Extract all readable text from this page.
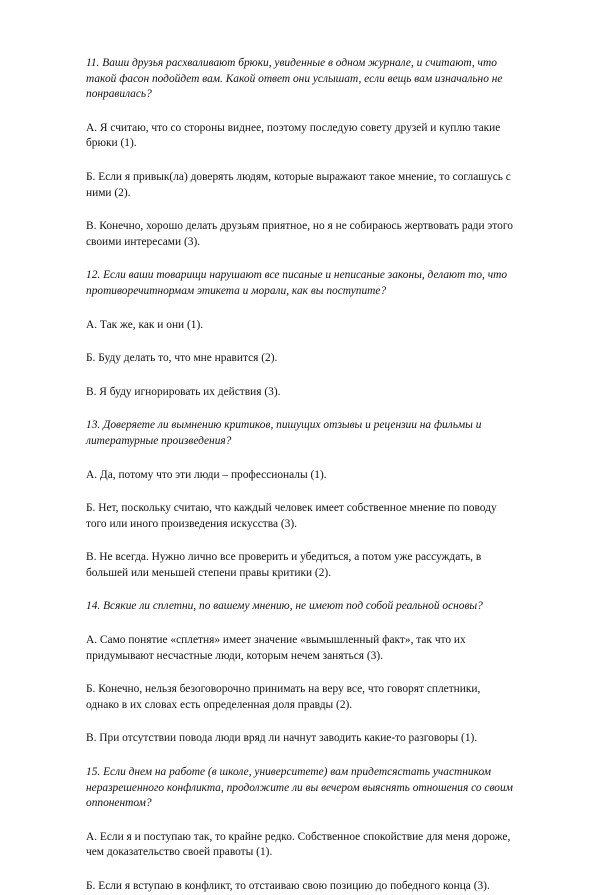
11. Ваши друзья расхваливают брюки, увиденные в одном журнале, и считают, что такой фасон подойдет вам. Какой ответ они услышат, если вещь вам изначально не понравилась?

А. Я считаю, что со стороны виднее, поэтому последую совету друзей и куплю такие брюки (1).

Б. Если я привык(ла) доверять людям, которые выражают такое мнение, то соглашусь с ними (2).

В. Конечно, хорошо делать друзьям приятное, но я не собираюсь жертвовать ради этого своими интересами (3).

12. Если ваши товарищи нарушают все писаные и неписаные законы, делают то, что противоречитнормам этикета и морали, как вы поступите?

А. Так же, как и они (1).

Б. Буду делать то, что мне нравится (2).

В. Я буду игнорировать их действия (3).

13. Доверяете ли вымнению критиков, пишущих отзывы и рецензии на фильмы и литературные произведения?

А. Да, потому что эти люди – профессионалы (1).

Б. Нет, поскольку считаю, что каждый человек имеет собственное мнение по поводу того или иного произведения искусства (3).

В. Не всегда. Нужно лично все проверить и убедиться, а потом уже рассуждать, в большей или меньшей степени правы критики (2).

14. Всякие ли сплетни, по вашему мнению, не имеют под собой реальной основы?

А. Само понятие «сплетня» имеет значение «вымышленный факт», так что их придумывают несчастные люди, которым нечем заняться (3).

Б. Конечно, нельзя безоговорочно принимать на веру все, что говорят сплетники, однако в их словах есть определенная доля правды (2).

В. При отсутствии повода люди вряд ли начнут заводить какие-то разговоры (1).

15. Если днем на работе (в школе, университете) вам придетсястать участником неразрешенного конфликта, продолжите ли вы вечером выяснять отношения со своим оппонентом?

А. Если я и поступаю так, то крайне редко. Собственное спокойствие для меня дороже, чем доказательство своей правоты (1).

Б. Если я вступаю в конфликт, то отстаиваю свою позицию до победного конца (3).
